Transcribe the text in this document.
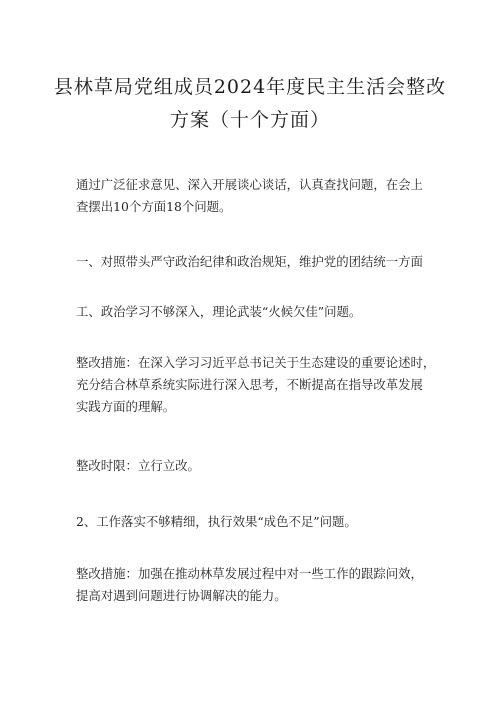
县林草局党组成员2024年度民主生活会整改
方案（十个方面）
通过广泛征求意见、深入开展谈心谈话，认真查找问题，在会上
查摆出10个方面18个问题。
一、对照带头严守政治纪律和政治规矩，维护党的团结统一方面
工、政治学习不够深入，理论武装“火候欠佳”问题。
整改措施：在深入学习习近平总书记关于生态建设的重要论述时，
充分结合林草系统实际进行深入思考，不断提高在指导改革发展
实践方面的理解。
整改时限：立行立改。
2、工作落实不够精细，执行效果“成色不足”问题。
整改措施：加强在推动林草发展过程中对一些工作的跟踪问效，
提高对遇到问题进行协调解决的能力。
